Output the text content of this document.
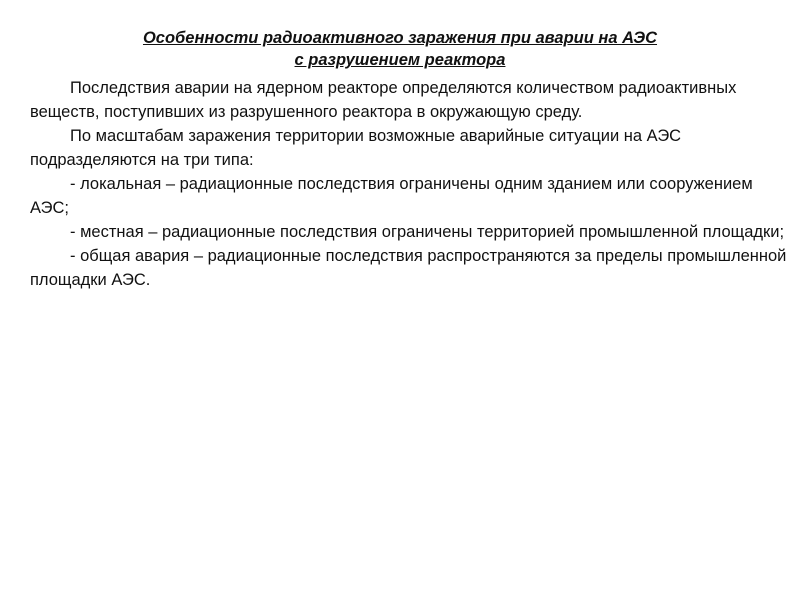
Особенности радиоактивного заражения при аварии на АЭС
с разрушением реактора

Последствия аварии на ядерном реакторе определяются количеством радиоактивных веществ, поступивших из разрушенного реактора в окружающую среду.

По масштабам заражения территории возможные аварийные ситуации на АЭС подразделяются на три типа:

- локальная – радиационные последствия ограничены одним зданием или сооружением АЭС;

- местная – радиационные последствия ограничены территорией промышленной площадки;

- общая авария – радиационные последствия распространяются за пределы промышленной площадки АЭС.
